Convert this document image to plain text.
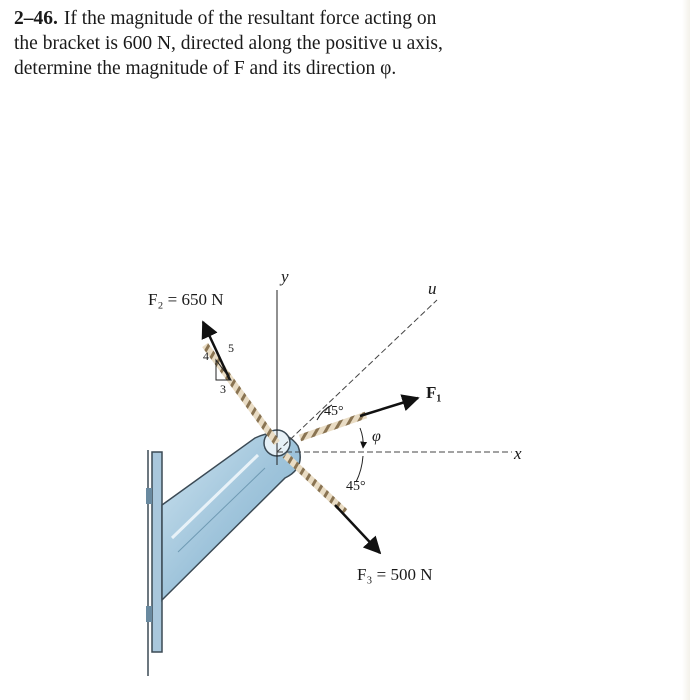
2–46. If the magnitude of the resultant force acting on
the bracket is 600 N, directed along the positive u axis,
determine the magnitude of F and its direction φ.
4
5
3
F₂ = 650 N
y
u
F₁
x
45°
φ
45°
F₃ = 500 N
